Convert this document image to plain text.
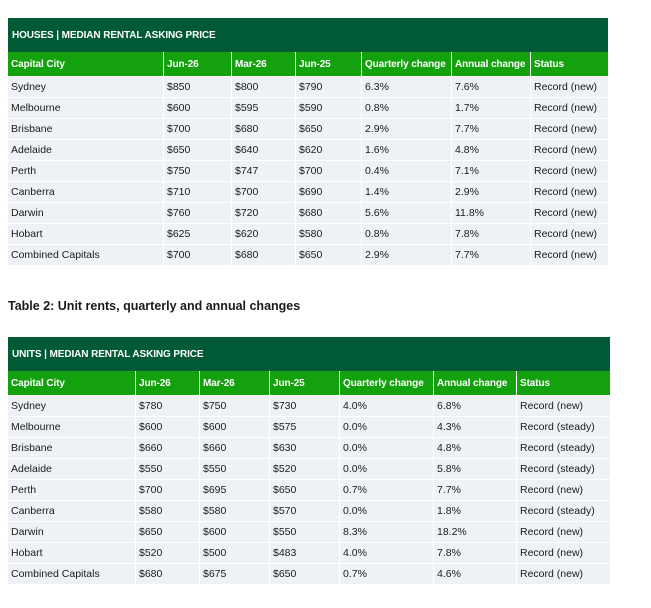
HOUSES | MEDIAN RENTAL ASKING PRICE
Capital City	Jun-26	Mar-26	Jun-25	Quarterly change	Annual change	Status
Sydney	$850	$800	$790	6.3%	7.6%	Record (new)
Melbourne	$600	$595	$590	0.8%	1.7%	Record (new)
Brisbane	$700	$680	$650	2.9%	7.7%	Record (new)
Adelaide	$650	$640	$620	1.6%	4.8%	Record (new)
Perth	$750	$747	$700	0.4%	7.1%	Record (new)
Canberra	$710	$700	$690	1.4%	2.9%	Record (new)
Darwin	$760	$720	$680	5.6%	11.8%	Record (new)
Hobart	$625	$620	$580	0.8%	7.8%	Record (new)
Combined Capitals	$700	$680	$650	2.9%	7.7%	Record (new)
Table 2: Unit rents, quarterly and annual changes
UNITS | MEDIAN RENTAL ASKING PRICE
Capital City	Jun-26	Mar-26	Jun-25	Quarterly change	Annual change	Status
Sydney	$780	$750	$730	4.0%	6.8%	Record (new)
Melbourne	$600	$600	$575	0.0%	4.3%	Record (steady)
Brisbane	$660	$660	$630	0.0%	4.8%	Record (steady)
Adelaide	$550	$550	$520	0.0%	5.8%	Record (steady)
Perth	$700	$695	$650	0.7%	7.7%	Record (new)
Canberra	$580	$580	$570	0.0%	1.8%	Record (steady)
Darwin	$650	$600	$550	8.3%	18.2%	Record (new)
Hobart	$520	$500	$483	4.0%	7.8%	Record (new)
Combined Capitals	$680	$675	$650	0.7%	4.6%	Record (new)
